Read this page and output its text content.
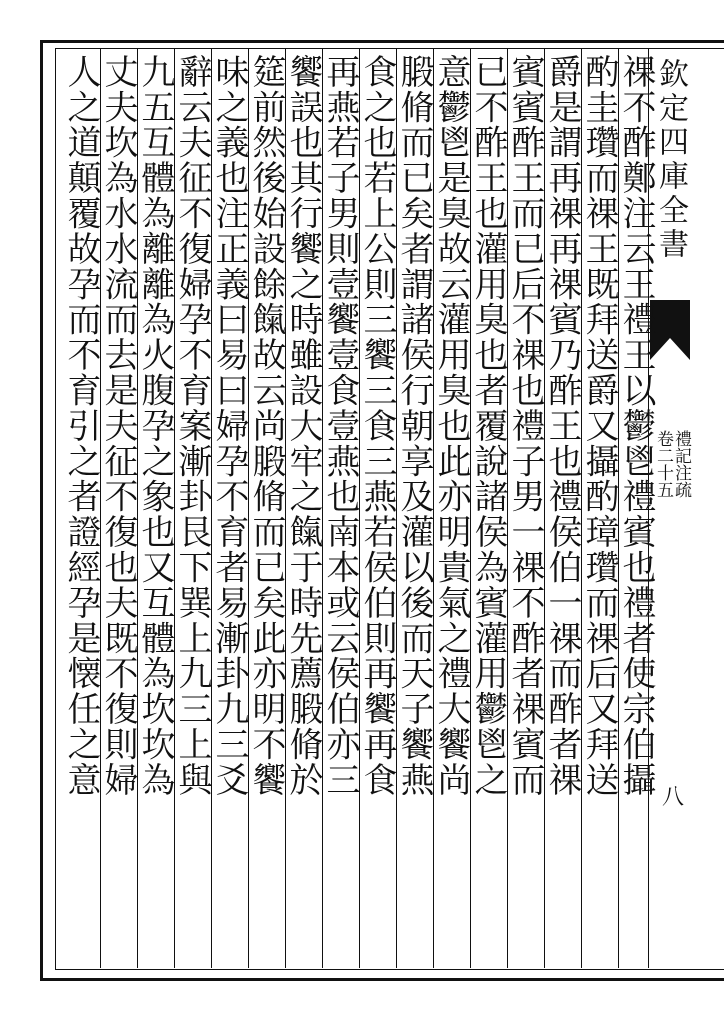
欽定四庫全書
禮記注疏
卷二十五
八
祼不酢鄭注云王禮王以鬱鬯禮賓也禮者使宗伯攝
酌圭瓚而祼王既拜送爵又攝酌璋瓚而祼后又拜送
爵是謂再祼再祼賓乃酢王也禮侯伯一祼而酢者祼
賓賓酢王而已后不祼也禮子男一祼不酢者祼賓而
已不酢王也灌用臭也者覆說諸侯為賓灌用鬱鬯之
意鬱鬯是臭故云灌用臭也此亦明貴氣之禮大饗尚
腶脩而已矣者謂諸侯行朝享及灌以後而天子饗燕
食之也若上公則三饗三食三燕若侯伯則再饗再食
再燕若子男則壹饗壹食壹燕也南本或云侯伯亦三
饗誤也其行饗之時雖設大牢之餼于時先薦腶脩於
筵前然後始設餘餼故云尚腶脩而已矣此亦明不饗
味之義也注正義曰易曰婦孕不育者易漸卦九三爻
辭云夫征不復婦孕不育案漸卦艮下巽上九三上與
九五互體為離離為火腹孕之象也又互體為坎坎為
丈夫坎為水水流而去是夫征不復也夫既不復則婦
人之道顛覆故孕而不育引之者證經孕是懐任之意
